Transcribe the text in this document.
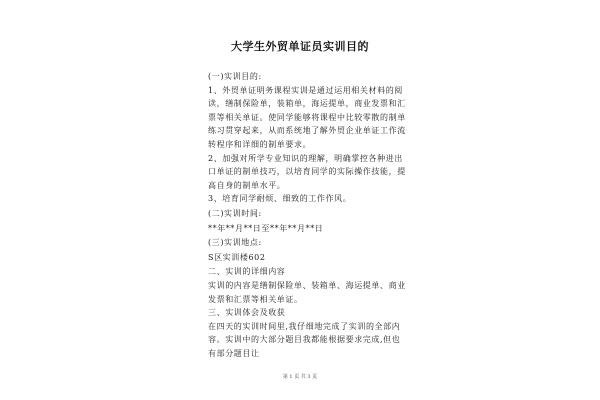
大学生外贸单证员实训目的

(一)实训目的:

1、外贸单证明务课程实训是通过运用相关材料的阅读，缮制保险单，装箱单，海运提单，商业发票和汇票等相关单证。使同学能够将课程中比较零散的制单练习贯穿起来，从而系统地了解外贸企业单证工作流转程序和详细的制单要求。

2、加强对所学专业知识的理解，明确掌控各种进出口单证的制单技巧，以培育同学的实际操作技能，提高自身的制单水平。

3、培育同学耐烦、细致的工作作风。

(二)实训时间:

**年**月**日至**年**月**日

(三)实训地点:

S区实训楼602

二、实训的详细内容

实训的内容是缮制保险单、装箱单、海运提单、商业发票和汇票等相关单证。

三、实训体会及收获

在四天的实训时间里,我仔细地完成了实训的全部内容。实训中的大部分题目我都能根据要求完成,但也有部分题目让

第 1 页 共 3 页
